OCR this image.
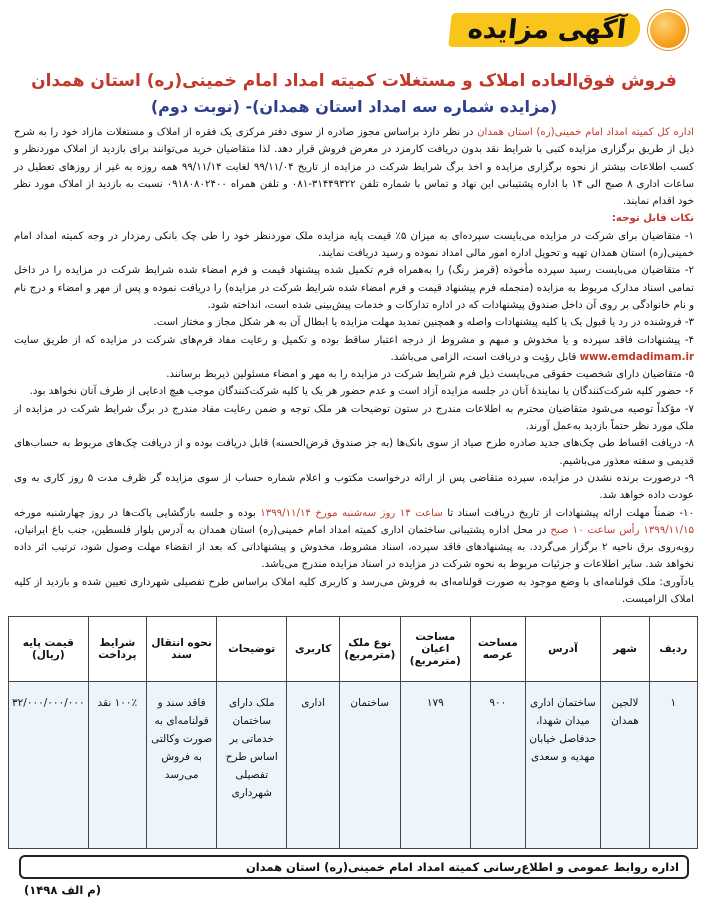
آگهی مزایده
فروش فوق‌العاده املاک و مستغلات کمیته امداد امام خمینی(ره) استان همدان
(مزایده شماره سه امداد استان همدان)- (نوبت دوم)

اداره کل کمیته امداد امام خمینی(ره) استان همدان در نظر دارد براساس مجوز صادره از سوی دفتر مرکزی یک فقره از املاک و مستغلات مازاد خود را به شرح ذیل از طریق برگزاری مزایده کتبی با شرایط نقد بدون دریافت کارمزد در معرض فروش قرار دهد. لذا متقاضیان خرید می‌توانند برای بازدید از املاک موردنظر و کسب اطلاعات بیشتر از نحوه برگزاری مزایده و اخذ برگ شرایط شرکت در مزایده از تاریخ ۹۹/۱۱/۰۴ لغایت ۹۹/۱۱/۱۴ همه روزه به غیر از روزهای تعطیل در ساعات اداری ۸ صبح الی ۱۴ با اداره پشتیبانی این نهاد و تماس با شماره تلفن ۳۱۴۴۹۳۲۲-۰۸۱ و تلفن همراه ۰۹۱۸۰۸۰۲۴۰۰ نسبت به بازدید از املاک مورد نظر خود اقدام نمایند.

نکات قابل توجه:

۱- متقاضیان برای شرکت در مزایده می‌بایست سپرده‌ای به میزان ۵٪ قیمت پایه مزایده ملک موردنظر خود را طی چک بانکی رمزدار در وجه کمیته امداد امام خمینی(ره) استان همدان تهیه و تحویل اداره امور مالی امداد نموده و رسید دریافت نمایند.

۲- متقاضیان می‌بایست رسید سپرده مأخوذه (قرمز رنگ) را به‌همراه فرم تکمیل شده پیشنهاد قیمت و فرم امضاء شده شرایط شرکت در مزایده را در داخل تمامی اسناد مدارک مربوط به مزایده (منجمله فرم پیشنهاد قیمت و فرم امضاء شده شرایط شرکت در مزایده) را دریافت نموده و پس از مهر و امضاء و درج نام و نام خانوادگی بر روی آن داخل صندوق پیشنهادات که در اداره تدارکات و خدمات پیش‌بینی شده است، انداخته شود.

۳- فروشنده در رد یا قبول یک یا کلیه پیشنهادات واصله و همچنین تمدید مهلت مزایده یا ابطال آن به هر شکل مجاز و مختار است.

۴- پیشنهادات فاقد سپرده و یا مخدوش و مبهم و مشروط از درجه اعتبار ساقط بوده و تکمیل و رعایت مفاد فرم‌های شرکت در مزایده که از طریق سایت www.emdadimam.ir قابل رؤیت و دریافت است، الزامی می‌باشد.

۵- متقاضیان دارای شخصیت حقوقی می‌بایست ذیل فرم شرایط شرکت در مزایده را به مهر و امضاء مسئولین ذیربط برسانند.

۶- حضور کلیه شرکت‌کنندگان یا نمایندهٔ آنان در جلسه مزایده آزاد است و عدم حضور هر یک یا کلیه شرکت‌کنندگان موجب هیچ ادعایی از طرف آنان نخواهد بود.

۷- مؤکداً توصیه می‌شود متقاضیان محترم به اطلاعات مندرج در ستون توضیحات هر ملک توجه و ضمن رعایت مفاد مندرج در برگ شرایط شرکت در مزایده از ملک مورد نظر حتماً بازدید به‌عمل آورند.

۸- دریافت اقساط طی چک‌های جدید صادره طرح صیاد از سوی بانک‌ها (به جز صندوق قرض‌الحسنه) قابل دریافت بوده و از دریافت چک‌های مربوط به حساب‌های قدیمی و سفته معذور می‌باشیم.

۹- درصورت برنده نشدن در مزایده، سپرده متقاضی پس از ارائه درخواست مکتوب و اعلام شماره حساب از سوی مزایده گر ظرف مدت ۵ روز کاری به وی عودت داده خواهد شد.

۱۰- ضمناً مهلت ارائه پیشنهادات از تاریخ دریافت اسناد تا ساعت ۱۴ روز سه‌شنبه مورخ ۱۳۹۹/۱۱/۱۴ بوده و جلسه بازگشایی پاکت‌ها در روز چهارشنبه مورخه ۱۳۹۹/۱۱/۱۵ رأس ساعت ۱۰ صبح در محل اداره پشتیبانی ساختمان اداری کمیته امداد امام خمینی(ره) استان همدان به آدرس بلوار فلسطین، جنب باغ ایرانیان، روبه‌روی برق ناحیه ۲ برگزار می‌گردد. به پیشنهادهای فاقد سپرده، اسناد مشروط، مخدوش و پیشنهاداتی که بعد از انقضاء مهلت وصول شود، ترتیب اثر داده نخواهد شد. سایر اطلاعات و جزئیات مربوط به نحوه شرکت در مزایده در اسناد مزایده مندرج می‌باشد.

یادآوری: ملک قولنامه‌ای با وضع موجود به صورت قولنامه‌ای به فروش می‌رسد و کاربری کلیه املاک براساس طرح تفصیلی شهرداری تعیین شده و بازدید از کلیه املاک الزامیست.

ردیف	شهر	آدرس	مساحت عرصه	مساحت اعیان (مترمربع)	نوع ملک (مترمربع)	کاربری	توضیحات	نحوه انتقال سند	شرایط پرداخت	قیمت پایه (ریال)
۱	لالجین همدان	ساختمان اداری میدان شهدا، حدفاصل خیابان مهدیه و سعدی	۹۰۰	۱۷۹	ساختمان	اداری	ملک دارای ساختمان خدماتی بر اساس طرح تفصیلی شهرداری	فاقد سند و قولنامه‌ای به صورت وکالتی به فروش می‌رسد	۱۰۰٪ نقد	۳۲/۰۰۰/۰۰۰/۰۰۰
اداره روابط عمومی و اطلاع‌رسانی کمیته امداد امام خمینی(ره) استان همدان
(م الف ۱۴۹۸)
